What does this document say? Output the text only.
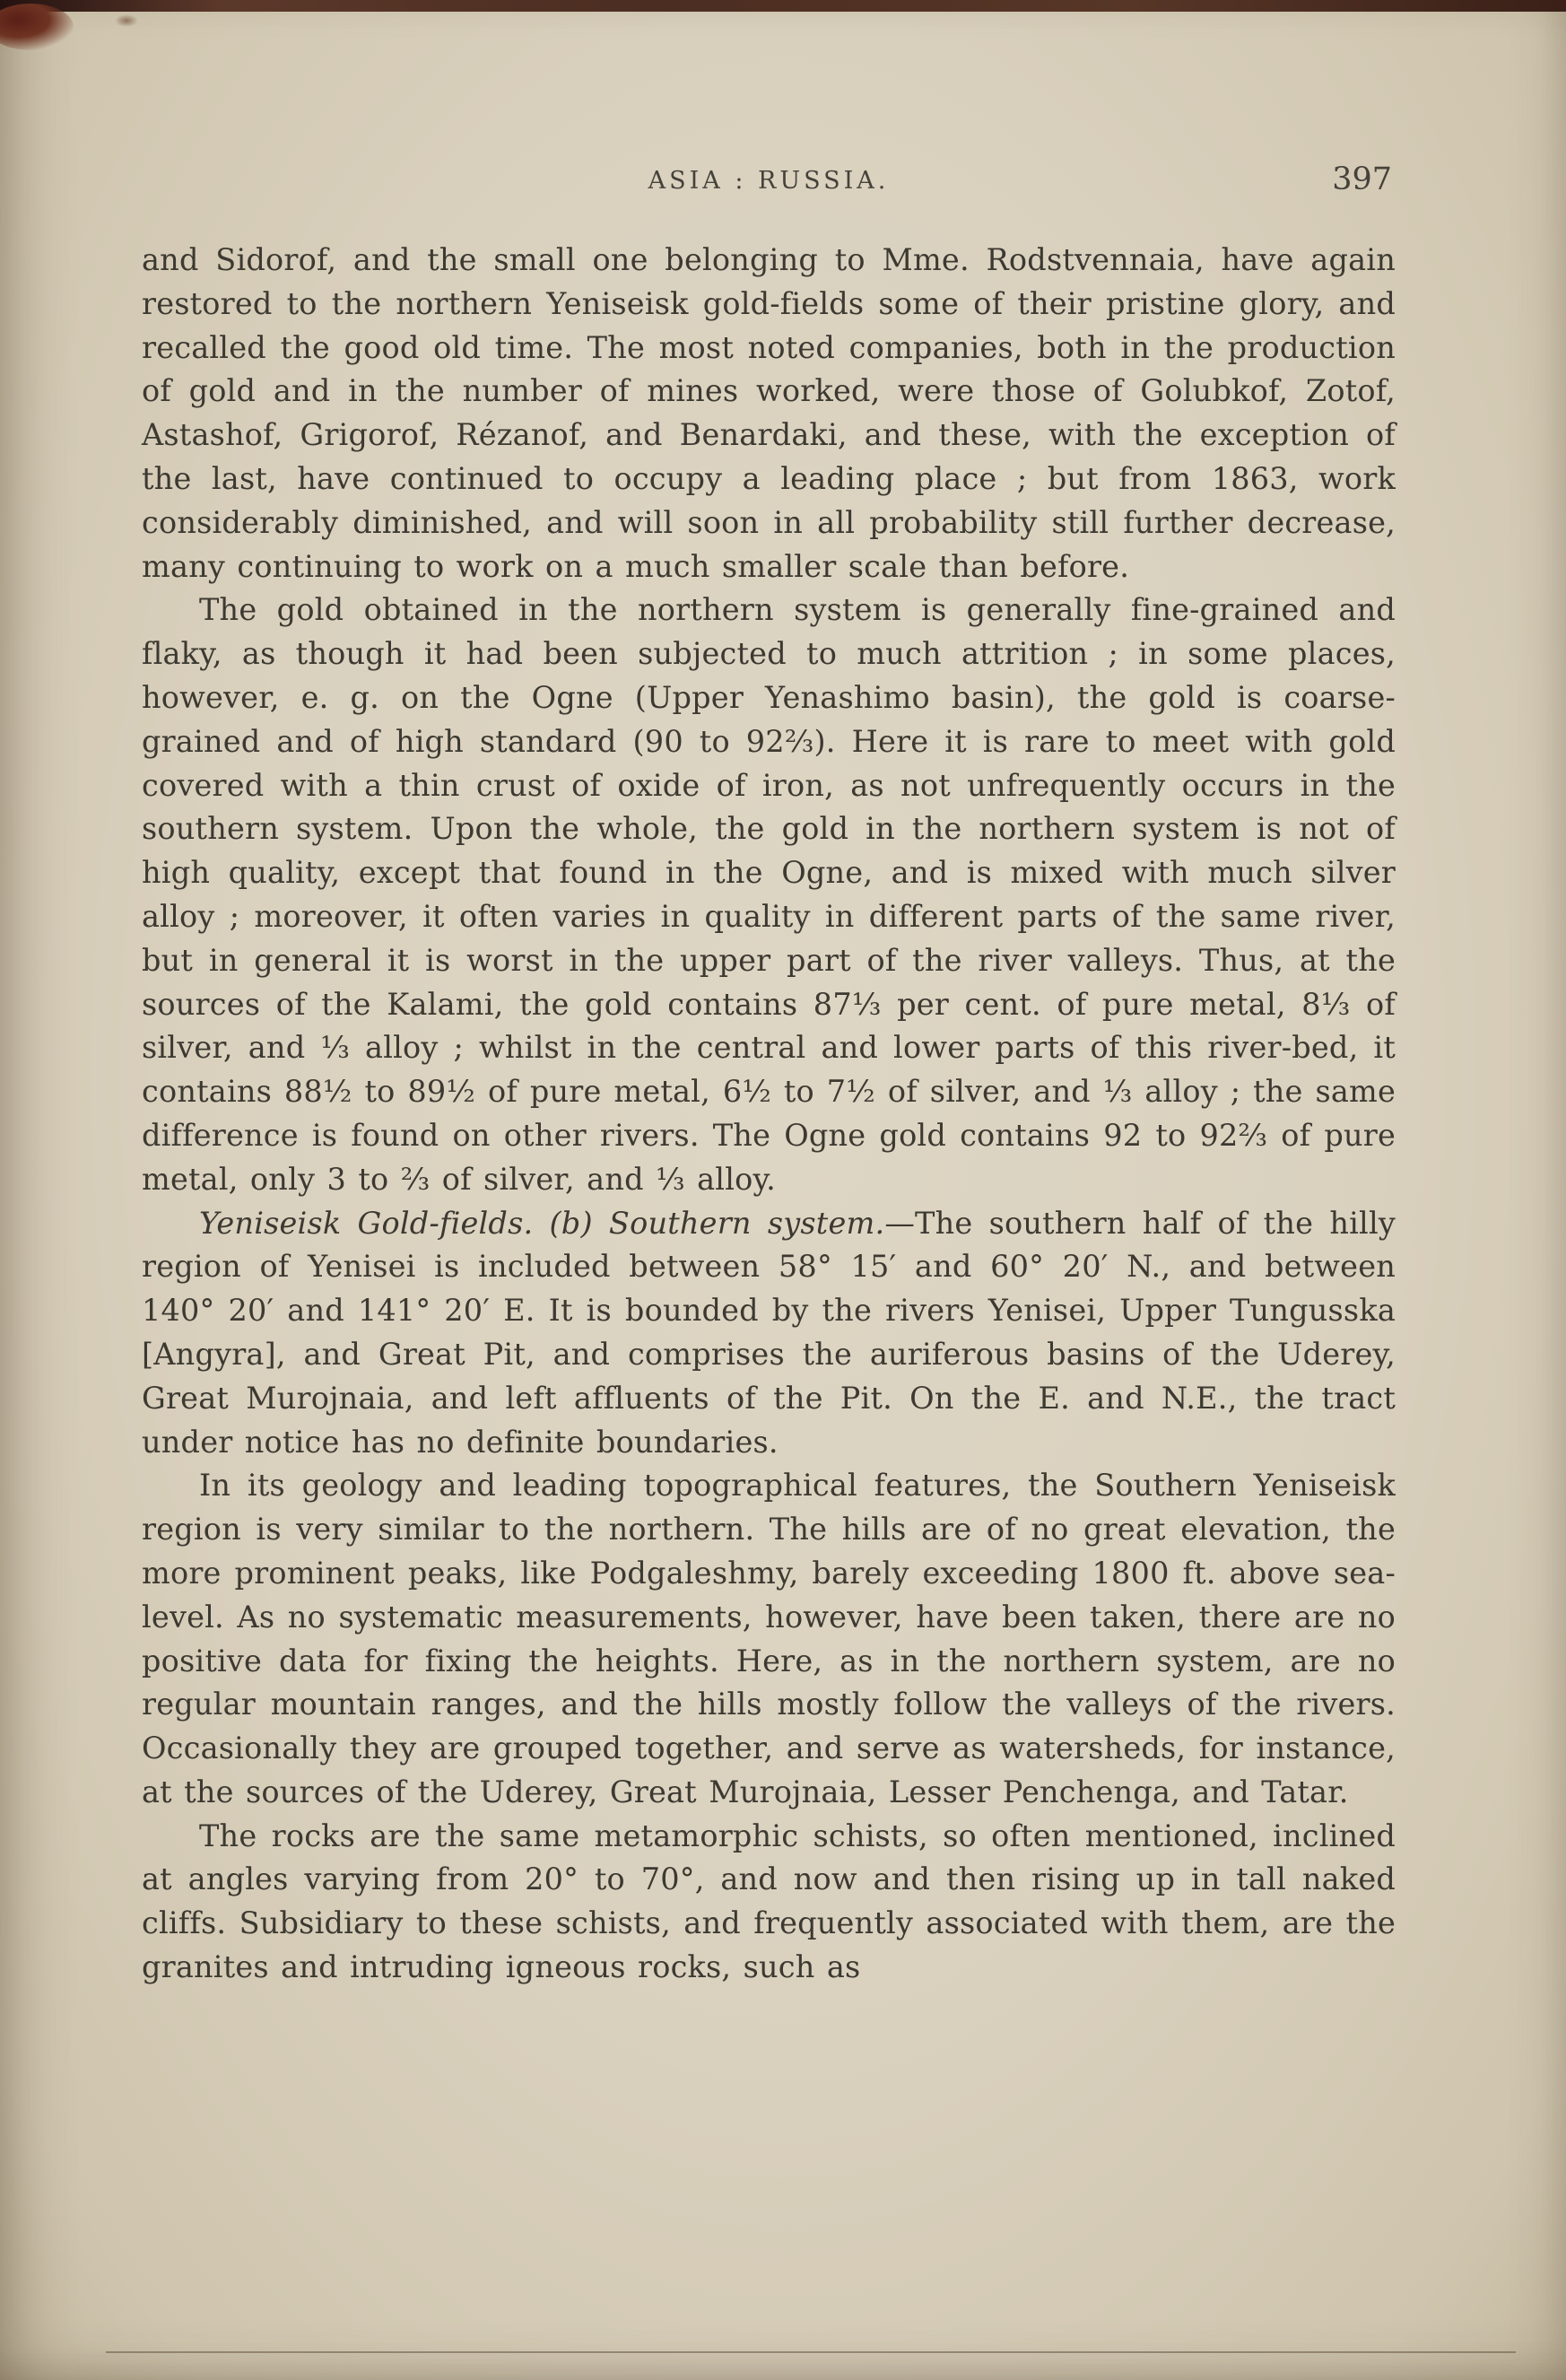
ASIA : RUSSIA.	397

and Sidorof, and the small one belonging to Mme. Rodstvennaia, have again restored to the northern Yeniseisk gold-fields some of their pristine glory, and recalled the good old time. The most noted companies, both in the production of gold and in the number of mines worked, were those of Golubkof, Zotof, Astashof, Grigorof, Rézanof, and Benardaki, and these, with the exception of the last, have continued to occupy a leading place ; but from 1863, work considerably diminished, and will soon in all probability still further decrease, many continuing to work on a much smaller scale than before.

The gold obtained in the northern system is generally fine-grained and flaky, as though it had been subjected to much attrition ; in some places, however, e. g. on the Ogne (Upper Yenashimo basin), the gold is coarse-grained and of high standard (90 to 92⅔). Here it is rare to meet with gold covered with a thin crust of oxide of iron, as not unfrequently occurs in the southern system. Upon the whole, the gold in the northern system is not of high quality, except that found in the Ogne, and is mixed with much silver alloy ; moreover, it often varies in quality in different parts of the same river, but in general it is worst in the upper part of the river valleys. Thus, at the sources of the Kalami, the gold contains 87⅓ per cent. of pure metal, 8⅓ of silver, and ⅓ alloy ; whilst in the central and lower parts of this river-bed, it contains 88½ to 89½ of pure metal, 6½ to 7½ of silver, and ⅓ alloy ; the same difference is found on other rivers. The Ogne gold contains 92 to 92⅔ of pure metal, only 3 to ⅔ of silver, and ⅓ alloy.

Yeniseisk Gold-fields. (b) Southern system.—The southern half of the hilly region of Yenisei is included between 58° 15′ and 60° 20′ N., and between 140° 20′ and 141° 20′ E. It is bounded by the rivers Yenisei, Upper Tungusska [Angyra], and Great Pit, and comprises the auriferous basins of the Uderey, Great Murojnaia, and left affluents of the Pit. On the E. and N.E., the tract under notice has no definite boundaries.

In its geology and leading topographical features, the Southern Yeniseisk region is very similar to the northern. The hills are of no great elevation, the more prominent peaks, like Podgaleshmy, barely exceeding 1800 ft. above sea-level. As no systematic measurements, however, have been taken, there are no positive data for fixing the heights. Here, as in the northern system, are no regular mountain ranges, and the hills mostly follow the valleys of the rivers. Occasionally they are grouped together, and serve as watersheds, for instance, at the sources of the Uderey, Great Murojnaia, Lesser Penchenga, and Tatar.

The rocks are the same metamorphic schists, so often mentioned, inclined at angles varying from 20° to 70°, and now and then rising up in tall naked cliffs. Subsidiary to these schists, and frequently associated with them, are the granites and intruding igneous rocks, such as
